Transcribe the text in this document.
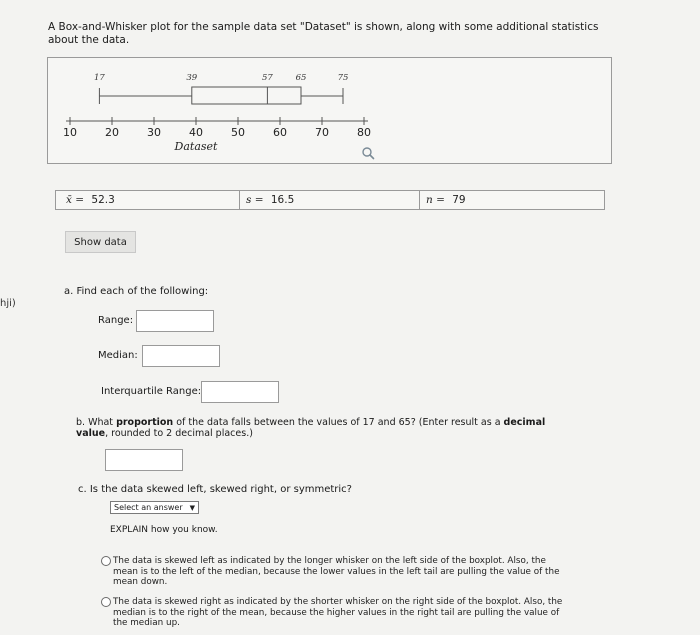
hji)
A Box-and-Whisker plot for the sample data set "Dataset" is shown, along with some additional statistics about the data.
10	20	30	40	50	60	70	80
Dataset
17	39	57	65	75
x̄ = 52.3	s = 16.5	n = 79
Show data
a. Find each of the following:
Range:
Median:
Interquartile Range:
b. What proportion of the data falls between the values of 17 and 65? (Enter result as a decimal value, rounded to 2 decimal places.)
c. Is the data skewed left, skewed right, or symmetric?
Select an answer ▼
EXPLAIN how you know.
The data is skewed left as indicated by the longer whisker on the left side of the boxplot. Also, the mean is to the left of the median, because the lower values in the left tail are pulling the value of the mean down.
The data is skewed right as indicated by the shorter whisker on the right side of the boxplot. Also, the median is to the right of the mean, because the higher values in the right tail are pulling the value of the median up.
